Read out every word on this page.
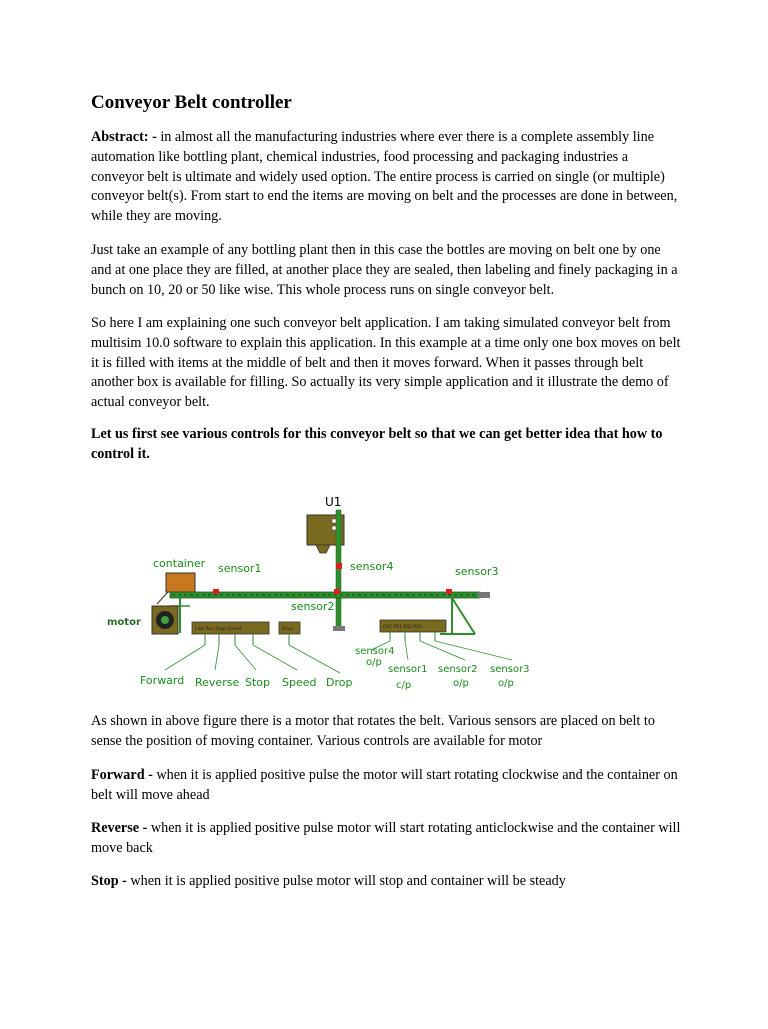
Conveyor Belt controller

Abstract: - in almost all the manufacturing industries where ever there is a complete assembly line automation like bottling plant, chemical industries, food processing and packaging industries a conveyor belt is ultimate and widely used option. The entire process is carried on single (or multiple) conveyor belt(s). From start to end the items are moving on belt and the processes are done in between, while they are moving.

Just take an example of any bottling plant then in this case the bottles are moving on belt one by one and at one place they are filled, at another place they are sealed, then labeling and finely packaging in a bunch on 10, 20 or 50 like wise. This whole process runs on single conveyor belt.

So here I am explaining one such conveyor belt application. I am taking simulated conveyor belt from multisim 10.0 software to explain this application. In this example at a time only one box moves on belt it is filled with items at the middle of belt and then it moves forward. When it passes through belt another box is available for filling. So actually its very simple application and it illustrate the demo of actual conveyor belt.

Let us first see various controls for this conveyor belt so that we can get better idea that how to control it.

As shown in above figure there is a motor that rotates the belt. Various sensors are placed on belt to sense the position of moving container. Various controls are available for motor

Forward - when it is applied positive pulse the motor will start rotating clockwise and the container on belt will move ahead

Reverse - when it is applied positive pulse motor will start rotating anticlockwise and the container will move back

Stop - when it is applied positive pulse motor will stop and container will be steady

U1
container sensor1	sensor4
sensor2
sensor3
motor
Fwd Rev Stop Speed	Drop	CNT PS1 PS2 PS3
Forward Reverse Stop Speed Drop
sensor4
o/p
sensor1
c/p
sensor2
o/p
sensor3
o/p
